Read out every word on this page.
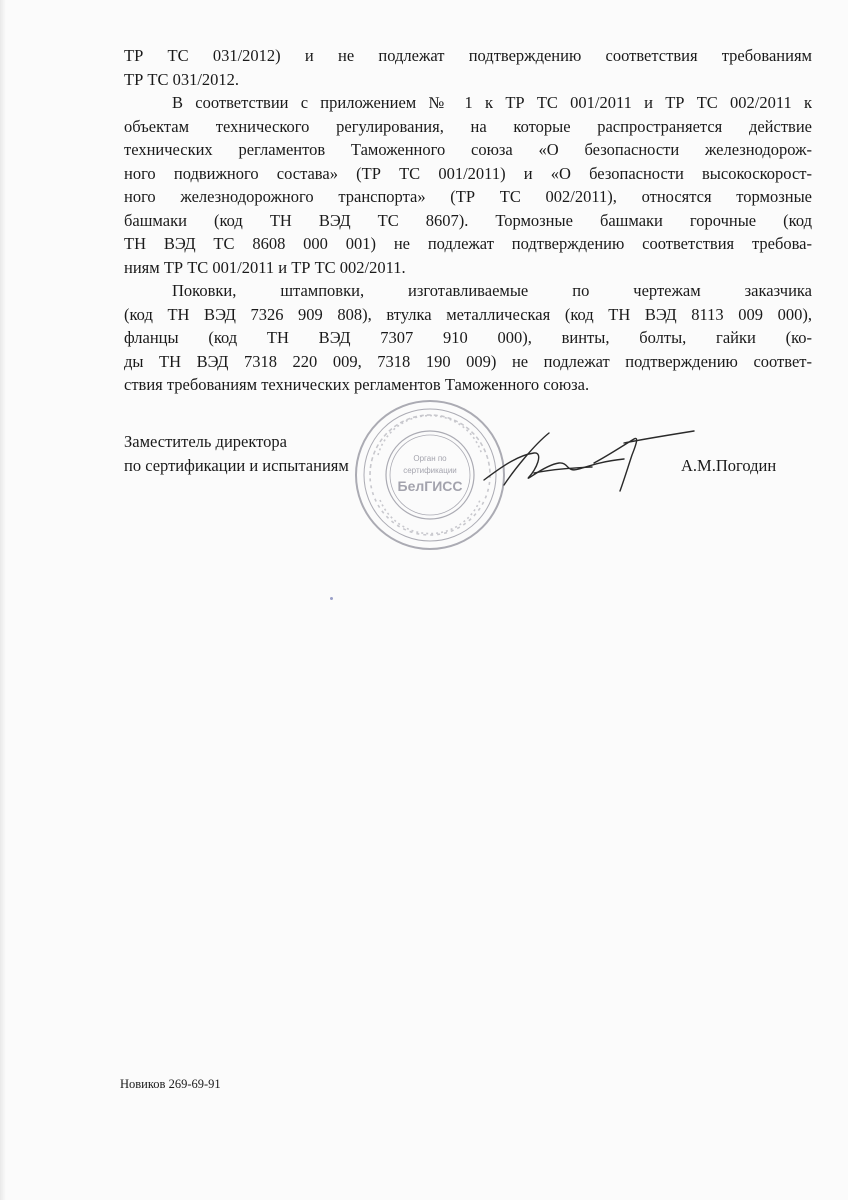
ТР ТС 031/2012) и не подлежат подтверждению соответствия требованиям
ТР ТС 031/2012.

В соответствии с приложением № 1 к ТР ТС 001/2011 и ТР ТС 002/2011 к
объектам технического регулирования, на которые распространяется действие
технических регламентов Таможенного союза «О безопасности железнодорож-
ного подвижного состава» (ТР ТС 001/2011) и «О безопасности высокоскорост-
ного железнодорожного транспорта» (ТР ТС 002/2011), относятся тормозные
башмаки (код ТН ВЭД ТС 8607). Тормозные башмаки горочные (код
ТН ВЭД ТС 8608 000 001) не подлежат подтверждению соответствия требова-
ниям ТР ТС 001/2011 и ТР ТС 002/2011.

Поковки, штамповки, изготавливаемые по чертежам заказчика
(код ТН ВЭД 7326 909 808), втулка металлическая (код ТН ВЭД 8113 009 000),
фланцы (код ТН ВЭД 7307 910 000), винты, болты, гайки (ко-
ды ТН ВЭД 7318 220 009, 7318 190 009) не подлежат подтверждению соответ-
ствия требованиям технических регламентов Таможенного союза.

Заместитель директора
по сертификации и испытаниям	Орган по
сертификации
БелГИСС
А.М.Погодин
Новиков 269-69-91
